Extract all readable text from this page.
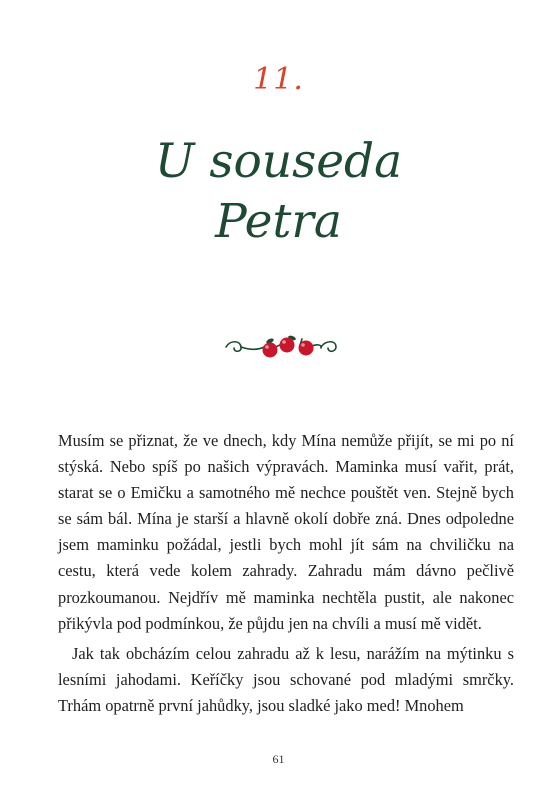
11.
U souseda
Petra

Musím se přiznat, že ve dnech, kdy Mína nemůže přijít, se mi po ní stýská. Nebo spíš po našich výpravách. Maminka musí vařit, prát, starat se o Emičku a samotného mě nechce pouštět ven. Stejně bych se sám bál. Mína je starší a hlavně okolí dobře zná. Dnes odpoledne jsem maminku požádal, jestli bych mohl jít sám na chviličku na cestu, která vede kolem zahrady. Zahradu mám dávno pečlivě prozkoumanou. Nejdřív mě maminka nechtěla pustit, ale nakonec přikývla pod podmínkou, že půjdu jen na chvíli a musí mě vidět.

Jak tak obcházím celou zahradu až k lesu, narážím na mýtinku s lesními jahodami. Keříčky jsou schované pod mladými smrčky. Trhám opatrně první jahůdky, jsou sladké jako med! Mnohem

61
